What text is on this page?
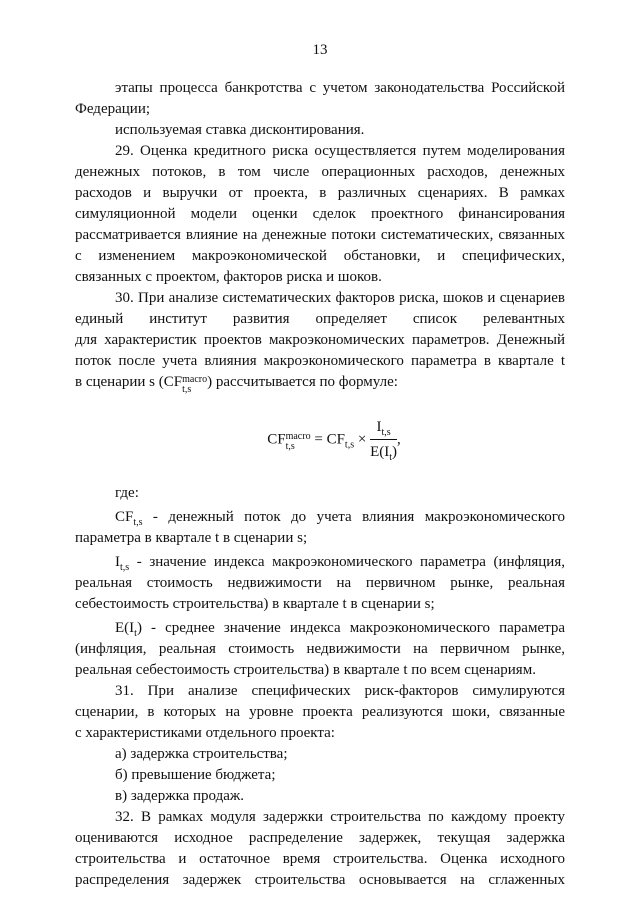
13

этапы процесса банкротства с учетом законодательства Российской

Федерации;

используемая ставка дисконтирования.

29. Оценка кредитного риска осуществляется путем моделирования

денежных потоков, в том числе операционных расходов, денежных

расходов и выручки от проекта, в различных сценариях. В рамках

симуляционной модели оценки сделок проектного финансирования

рассматривается влияние на денежные потоки систематических, связанных

с изменением макроэкономической обстановки, и специфических,

связанных с проектом, факторов риска и шоков.

30. При анализе систематических факторов риска, шоков и сценариев

единый институт развития определяет список релевантных

для характеристик проектов макроэкономических параметров. Денежный

поток после учета влияния макроэкономического параметра в квартале t

в сценарии s (CF macro
t,s	) рассчитывается по формуле:

CF macro
t,s	= $CF_{t,s} \times \frac{I_{t,s}}{E(I_t)}$ ,

где:

$CF_{t,s}$ - денежный поток до учета влияния макроэкономического

параметра в квартале t в сценарии s;

$I_{t,s}$ - значение индекса макроэкономического параметра (инфляция,

реальная стоимость недвижимости на первичном рынке, реальная

себестоимость строительства) в квартале t в сценарии s;

$E(I_t)$ - среднее значение индекса макроэкономического параметра

(инфляция, реальная стоимость недвижимости на первичном рынке,

реальная себестоимость строительства) в квартале t по всем сценариям.

31. При анализе специфических риск-факторов симулируются

сценарии, в которых на уровне проекта реализуются шоки, связанные

с характеристиками отдельного проекта:

а) задержка строительства;

б) превышение бюджета;

в) задержка продаж.

32. В рамках модуля задержки строительства по каждому проекту

оцениваются исходное распределение задержек, текущая задержка

строительства и остаточное время строительства. Оценка исходного

распределения задержек строительства основывается на сглаженных
